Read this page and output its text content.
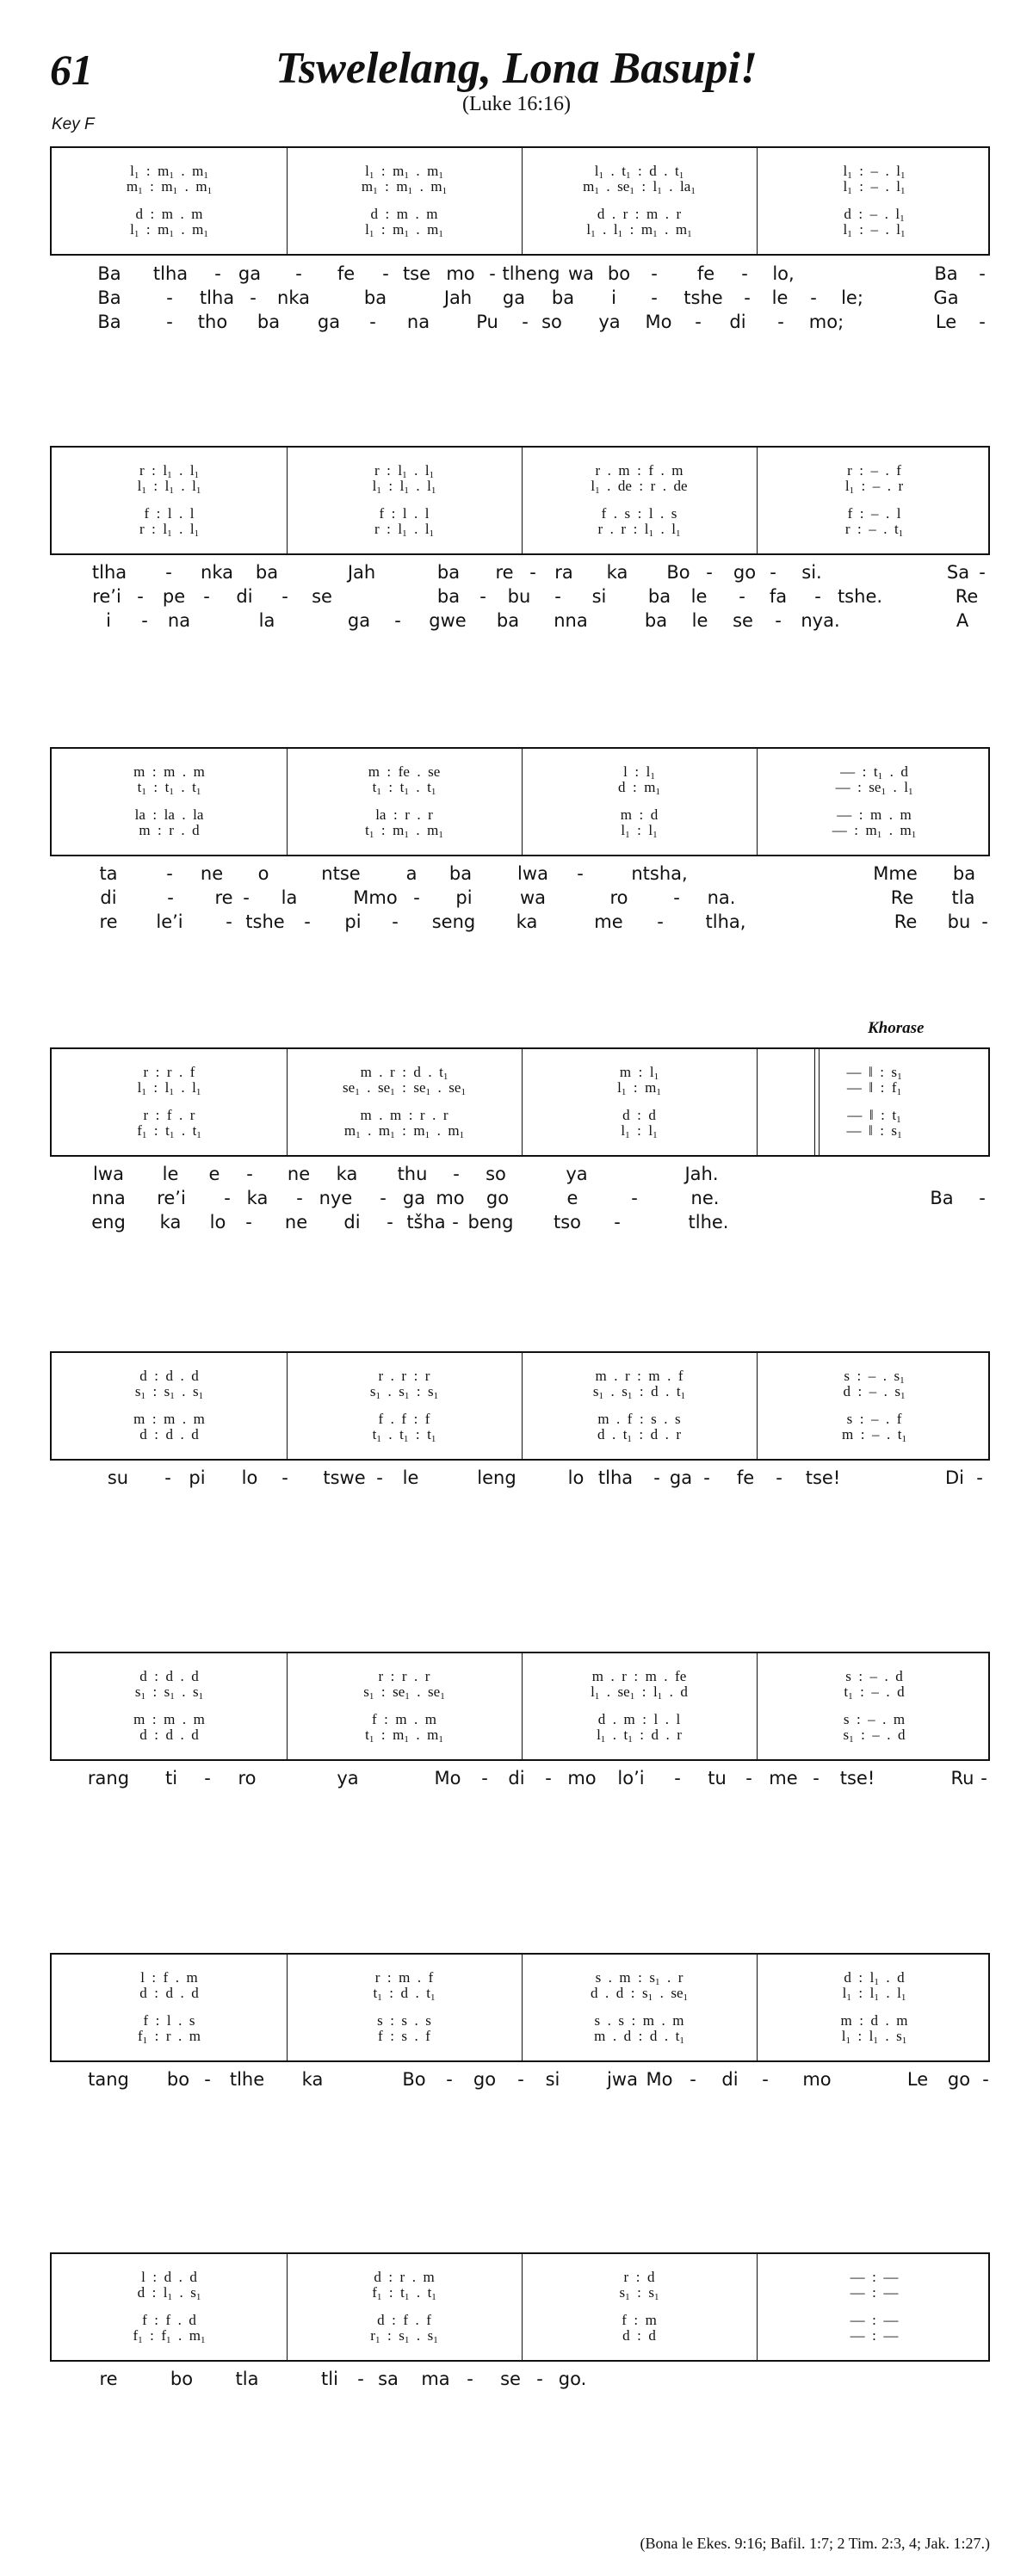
61	Tswelelang, Lona Basupi!
(Luke 16:16)
Key F
Khorase
$l_1$  :  $m_1$  .  $m_1$	$l_1$  :  $m_1$  .  $m_1$	$l_1$  .  $t_1$  :  d  .  $t_1$	$l_1$  :  –  .  $l_1$
$m_1$  :  $m_1$  .  $m_1$	$m_1$  :  $m_1$  .  $m_1$	$m_1$  .  $se_1$  :  $l_1$  .  $la_1$	$l_1$  :  –  .  $l_1$
d  :  m  .  m	d  :  m  .  m	d  .  r  :  m  .  r	d  :  –  .  $l_1$
$l_1$  :  $m_1$  .  $m_1$	$l_1$  :  $m_1$  .  $m_1$	$l_1$  .  $l_1$  :  $m_1$  .  $m_1$	$l_1$  :  –  .  $l_1$
Ba tlha - ga - fe - tse mo - tlheng wa bo - fe - lo,	Ba -
Ba	- tlha - nka	ba	Jah ga ba i - tshe - le - le;	Ga
Ba	- tho ba ga - na	Pu - so ya Mo - di - mo;	Le -
r  :  $l_1$  .  $l_1$	r  :  $l_1$  .  $l_1$	r  .  m  :  f  .  m	r  :  –  .  f
$l_1$  :  $l_1$  .  $l_1$	$l_1$  :  $l_1$  .  $l_1$	$l_1$  .  de  :  r  .  de	$l_1$  :  –  .  r
f  :  l  .  l	f  :  l  .  l	f  .  s  :  l  .  s	f  :  –  .  l
r  :  $l_1$  .  $l_1$	r  :  $l_1$  .  $l_1$	r  .  r  :  $l_1$  .  $l_1$	r  :  –  .  $t_1$
tlha - nka ba	Jah	ba re - ra ka Bo - go - si.	Sa -
re’i - pe - di - se	ba - bu - si ba le - fa - tshe.	Re
i - na	la	ga - gwe ba nna	ba le se - nya.	A
m  :  m  .  m	m  :  fe  .  se	l  :  $l_1$	—  :  $t_1$  .  d
$t_1$  :  $t_1$  .  $t_1$	$t_1$  :  $t_1$  .  $t_1$	d  :  $m_1$	—  :  $se_1$  .  $l_1$
la  :  la  .  la	la  :  r  .  r	m  :  d	—  :  m  .  m
m  :  r  .  d	$t_1$  :  $m_1$  .  $m_1$	$l_1$  :  $l_1$	—  :  $m_1$  .  $m_1$
ta	- ne o	ntse	a ba	lwa -	ntsha,	Mme ba
di	- re - la	Mmo - pi	wa	ro	- na.	Re tla
re le’i - tshe - pi - seng ka	me - tlha,	Re bu -
r  :  r  .  f	m  .  r  :  d  .  $t_1$	m  :  $l_1$	—  ‖  :  $s_1$
$l_1$  :  $l_1$  .  $l_1$	$se_1$  .  $se_1$  :  $se_1$  .  $se_1$	$l_1$  :  $m_1$	—  ‖  :  $f_1$
r  :  f  .  r	m  .  m  :  r  .  r	d  :  d	—  ‖  :  $t_1$
$f_1$  :  $t_1$  .  $t_1$	$m_1$  .  $m_1$  :  $m_1$  .  $m_1$	$l_1$  :  $l_1$	—  ‖  :  $s_1$
lwa le e - ne ka thu - so	ya	Jah.
nna re’i - ka - nye - ga mo go	e	-	ne.	Ba -
eng ka lo - ne di - tšha - beng tso -	tlhe.
d  :  d  .  d	r  .  r  :  r	m  .  r  :  m  .  f	s  :  –  .  $s_1$
$s_1$  :  $s_1$  .  $s_1$	$s_1$  .  $s_1$  :  $s_1$	$s_1$  .  $s_1$  :  d  .  $t_1$	d  :  –  .  $s_1$
m  :  m  .  m	f  .  f  :  f	m  .  f  :  s  .  s	s  :  –  .  f
d  :  d  .  d	$t_1$  .  $t_1$  :  $t_1$	d  .  $t_1$  :  d  .  r	m  :  –  .  $t_1$
su - pi lo - tswe - le	leng	lo tlha - ga - fe - tse!	Di -
d  :  d  .  d	r  :  r  .  r	m  .  r  :  m  .  fe	s  :  –  .  d
$s_1$  :  $s_1$  .  $s_1$	$s_1$  :  $se_1$  .  $se_1$	$l_1$  .  $se_1$  :  $l_1$  .  d	$t_1$  :  –  .  d
m  :  m  .  m	f  :  m  .  m	d  .  m  :  l  .  l	s  :  –  .  m
d  :  d  .  d	$t_1$  :  $m_1$  .  $m_1$	$l_1$  .  $t_1$  :  d  .  r	$s_1$  :  –  .  d
rang ti - ro	ya	Mo - di - mo lo’i - tu - me - tse!	Ru -
l  :  f  .  m	r  :  m  .  f	s  .  m  :  $s_1$  .  r	d  :  $l_1$  .  d
d  :  d  .  d	$t_1$  :  d  .  $t_1$	d  .  d  :  $s_1$  .  $se_1$	$l_1$  :  $l_1$  .  $l_1$
f  :  l  .  s	s  :  s  .  s	s  .  s  :  m  .  m	m  :  d  .  m
$f_1$  :  r  .  m	f  :  s  .  f	m  .  d  :  d  .  $t_1$	$l_1$  :  $l_1$  .  $s_1$
tang bo - tlhe ka	Bo - go - si	jwa Mo - di - mo	Le go -
l  :  d  .  d	d  :  r  .  m	r  :  d	—  :  —
d  :  $l_1$  .  $s_1$	$f_1$  :  $t_1$  .  $t_1$	$s_1$  :  $s_1$	—  :  —
f  :  f  .  d	d  :  f  .  f	f  :  m	—  :  —
$f_1$  :  $f_1$  .  $m_1$	$r_1$  :  $s_1$  .  $s_1$	d  :  d	—  :  —
re	bo tla	tli - sa ma - se - go.
(Bona le Ekes. 9:16; Bafil. 1:7; 2 Tim. 2:3, 4; Jak. 1:27.)
